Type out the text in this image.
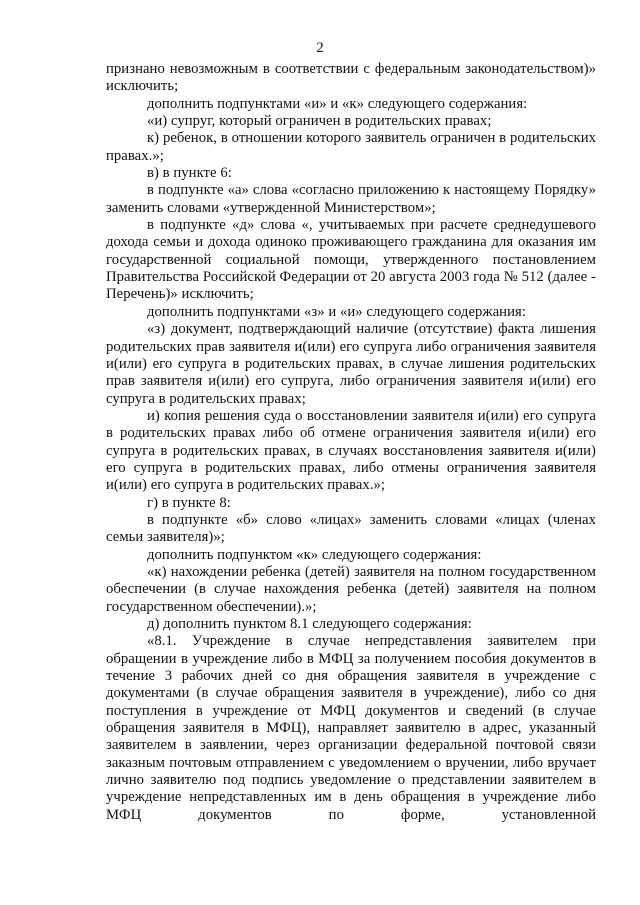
2

признано невозможным в соответствии с федеральным законодательством)» исключить;

дополнить подпунктами «и» и «к» следующего содержания:

«и) супруг, который ограничен в родительских правах;

к) ребенок, в отношении которого заявитель ограничен в родительских правах.»;

в) в пункте 6:

в подпункте «а» слова «согласно приложению к настоящему Порядку» заменить словами «утвержденной Министерством»;

в подпункте «д» слова «, учитываемых при расчете среднедушевого дохода семьи и дохода одиноко проживающего гражданина для оказания им государственной социальной помощи, утвержденного постановлением Правительства Российской Федерации от 20 августа 2003 года № 512 (далее - Перечень)» исключить;

дополнить подпунктами «з» и «и» следующего содержания:

«з) документ, подтверждающий наличие (отсутствие) факта лишения родительских прав заявителя и(или) его супруга либо ограничения заявителя и(или) его супруга в родительских правах, в случае лишения родительских прав заявителя и(или) его супруга, либо ограничения заявителя и(или) его супруга в родительских правах;

и) копия решения суда о восстановлении заявителя и(или) его супруга в родительских правах либо об отмене ограничения заявителя и(или) его супруга в родительских правах, в случаях восстановления заявителя и(или) его супруга в родительских правах, либо отмены ограничения заявителя и(или) его супруга в родительских правах.»;

г) в пункте 8:

в подпункте «б» слово «лицах» заменить словами «лицах (членах семьи заявителя)»;

дополнить подпунктом «к» следующего содержания:

«к) нахождении ребенка (детей) заявителя на полном государственном обеспечении (в случае нахождения ребенка (детей) заявителя на полном государственном обеспечении).»;

д) дополнить пунктом 8.1 следующего содержания:

«8.1. Учреждение в случае непредставления заявителем при обращении в учреждение либо в МФЦ за получением пособия документов в течение 3 рабочих дней со дня обращения заявителя в учреждение с документами (в случае обращения заявителя в учреждение), либо со дня поступления в учреждение от МФЦ документов и сведений (в случае обращения заявителя в МФЦ), направляет заявителю в адрес, указанный заявителем в заявлении, через организации федеральной почтовой связи заказным почтовым отправлением с уведомлением о вручении, либо вручает лично заявителю под подпись уведомление о представлении заявителем в учреждение непредставленных им в день обращения в учреждение либо МФЦ документов по форме, установленной
